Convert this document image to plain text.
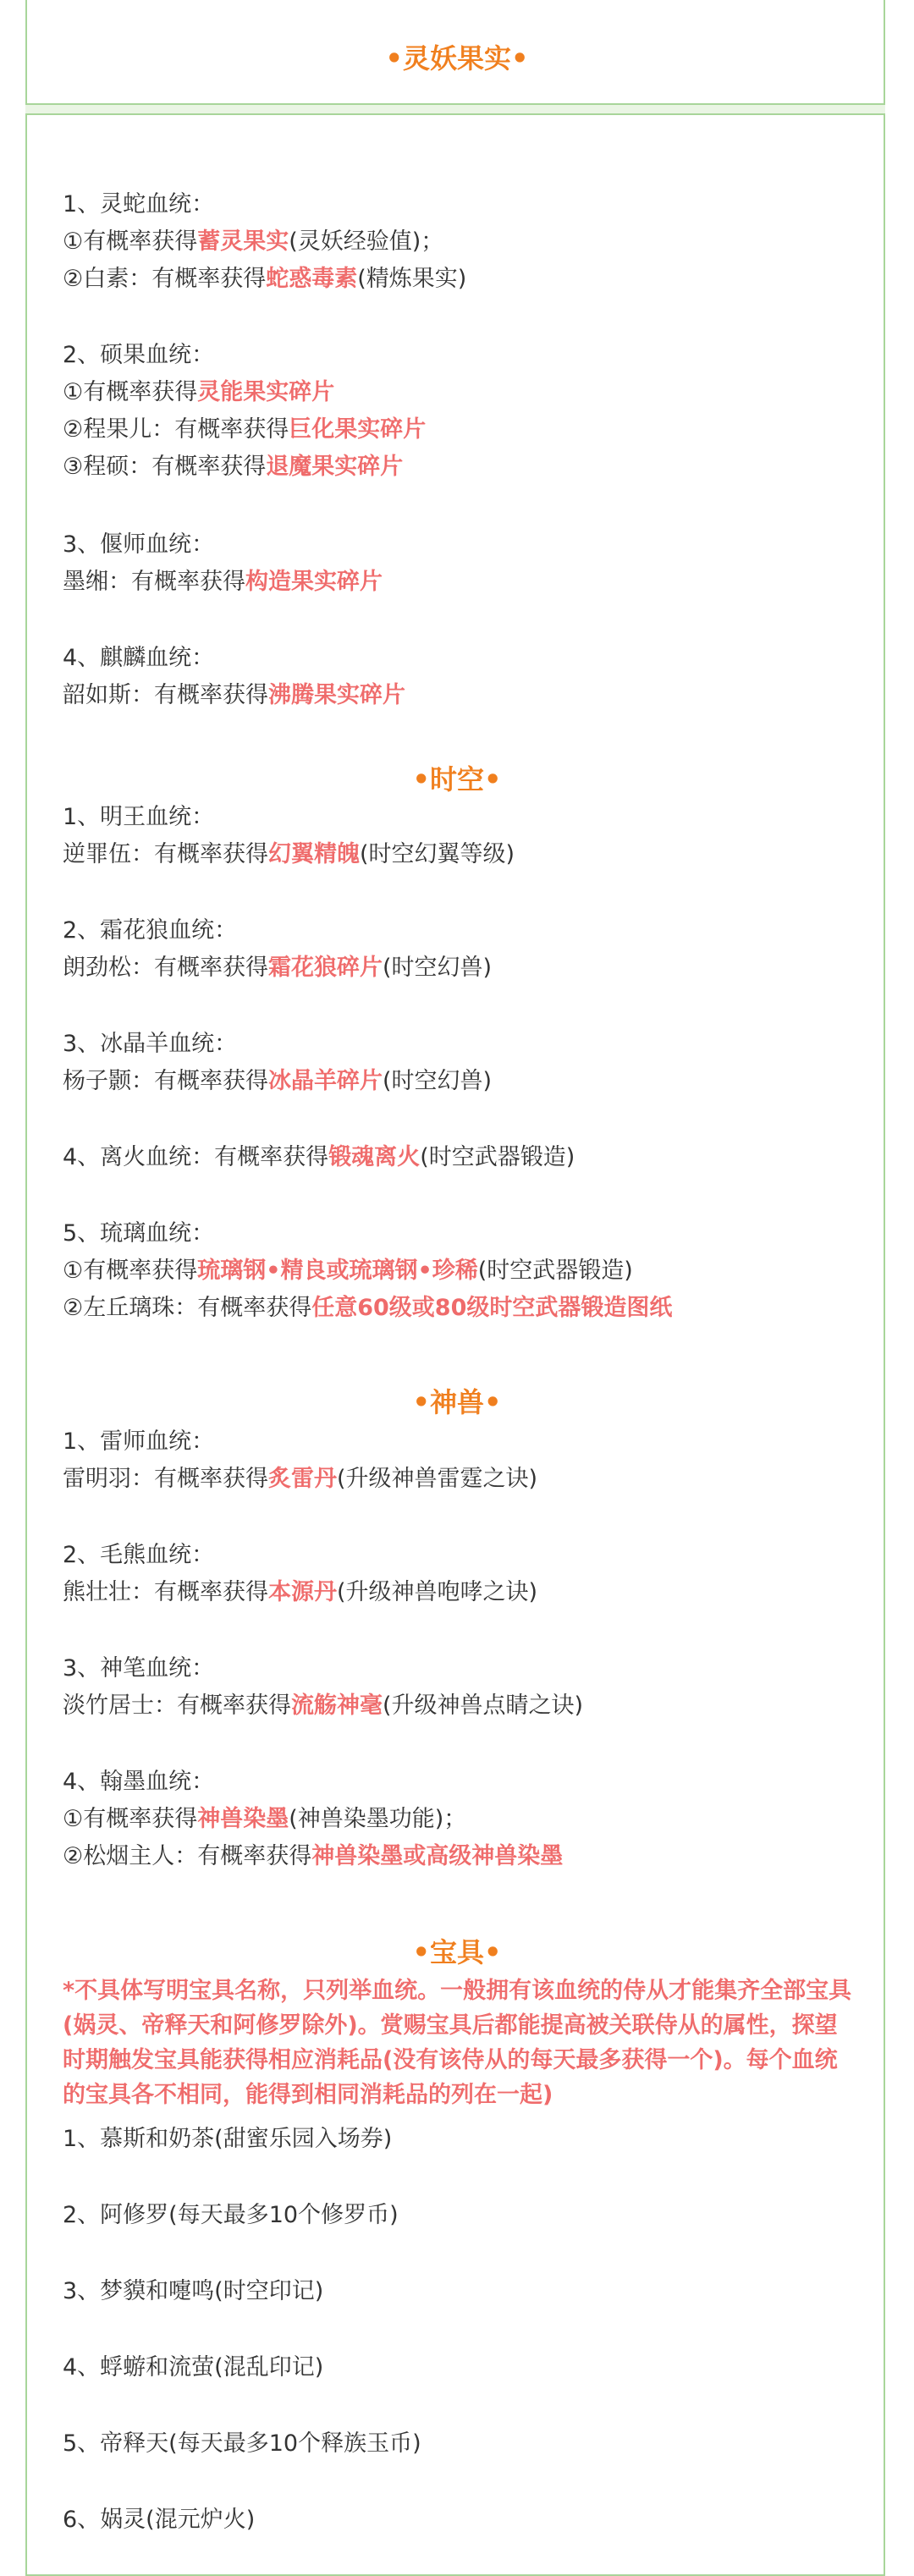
•灵妖果实•
1、灵蛇血统：
①有概率获得蓄灵果实(灵妖经验值)；
②白素：有概率获得蛇惑毒素(精炼果实)
2、硕果血统：
①有概率获得灵能果实碎片
②程果儿：有概率获得巨化果实碎片
③程硕：有概率获得退魔果实碎片
3、偃师血统：
墨缃：有概率获得构造果实碎片
4、麒麟血统：
韶如斯：有概率获得沸腾果实碎片
•时空•
1、明王血统：
逆罪伍：有概率获得幻翼精魄(时空幻翼等级)
2、霜花狼血统：
朗劲松：有概率获得霜花狼碎片(时空幻兽)
3、冰晶羊血统：
杨子颢：有概率获得冰晶羊碎片(时空幻兽)
4、离火血统：有概率获得锻魂离火(时空武器锻造)
5、琉璃血统：
①有概率获得琉璃钢•精良或琉璃钢•珍稀(时空武器锻造)
②左丘璃珠：有概率获得任意60级或80级时空武器锻造图纸
•神兽•
1、雷师血统：
雷明羽：有概率获得炙雷丹(升级神兽雷霆之诀)
2、毛熊血统：
熊壮壮：有概率获得本源丹(升级神兽咆哮之诀)
3、神笔血统：
淡竹居士：有概率获得流觞神毫(升级神兽点睛之诀)
4、翰墨血统：
①有概率获得神兽染墨(神兽染墨功能)；
②松烟主人：有概率获得神兽染墨或高级神兽染墨
•宝具•
*不具体写明宝具名称，只列举血统。一般拥有该血统的侍从才能集齐全部宝具(娲灵、帝释天和阿修罗除外)。赏赐宝具后都能提高被关联侍从的属性，探望时期触发宝具能获得相应消耗品(没有该侍从的每天最多获得一个)。每个血统的宝具各不相同，能得到相同消耗品的列在一起)
1、慕斯和奶茶(甜蜜乐园入场券)
2、阿修罗(每天最多10个修罗币)
3、梦貘和嚏鸣(时空印记)
4、蜉蝣和流萤(混乱印记)
5、帝释天(每天最多10个释族玉币)
6、娲灵(混元炉火)
